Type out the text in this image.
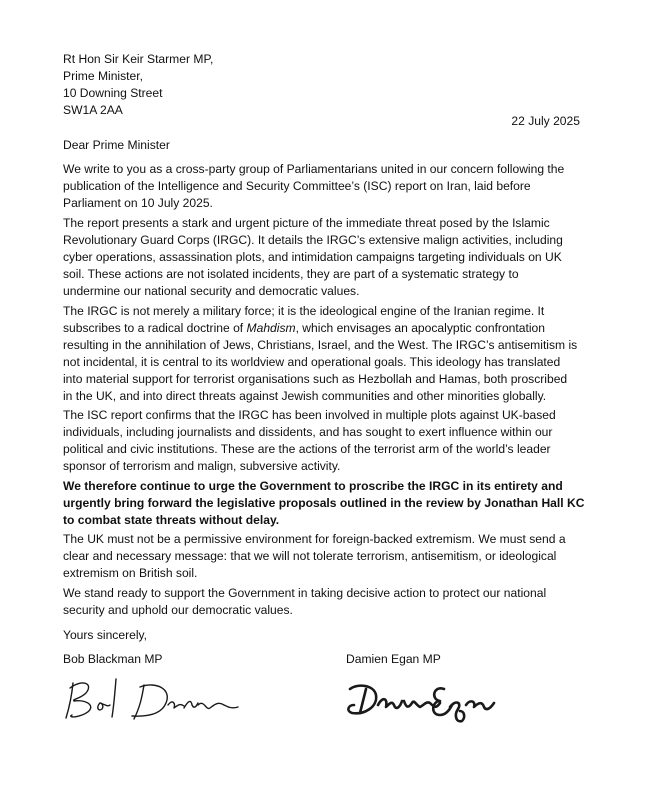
Rt Hon Sir Keir Starmer MP,
Prime Minister,
10 Downing Street
SW1A 2AA
22 July 2025
Dear Prime Minister

We write to you as a cross-party group of Parliamentarians united in our concern following the
publication of the Intelligence and Security Committee’s (ISC) report on Iran, laid before
Parliament on 10 July 2025.

The report presents a stark and urgent picture of the immediate threat posed by the Islamic
Revolutionary Guard Corps (IRGC). It details the IRGC’s extensive malign activities, including
cyber operations, assassination plots, and intimidation campaigns targeting individuals on UK
soil. These actions are not isolated incidents, they are part of a systematic strategy to
undermine our national security and democratic values.

The IRGC is not merely a military force; it is the ideological engine of the Iranian regime. It
subscribes to a radical doctrine of Mahdism, which envisages an apocalyptic confrontation
resulting in the annihilation of Jews, Christians, Israel, and the West. The IRGC’s antisemitism is
not incidental, it is central to its worldview and operational goals. This ideology has translated
into material support for terrorist organisations such as Hezbollah and Hamas, both proscribed
in the UK, and into direct threats against Jewish communities and other minorities globally.

The ISC report confirms that the IRGC has been involved in multiple plots against UK-based
individuals, including journalists and dissidents, and has sought to exert influence within our
political and civic institutions. These are the actions of the terrorist arm of the world’s leader
sponsor of terrorism and malign, subversive activity.

We therefore continue to urge the Government to proscribe the IRGC in its entirety and
urgently bring forward the legislative proposals outlined in the review by Jonathan Hall KC
to combat state threats without delay.

The UK must not be a permissive environment for foreign-backed extremism. We must send a
clear and necessary message: that we will not tolerate terrorism, antisemitism, or ideological
extremism on British soil.

We stand ready to support the Government in taking decisive action to protect our national
security and uphold our democratic values.

Yours sincerely,
Bob Blackman MP	Damien Egan MP
